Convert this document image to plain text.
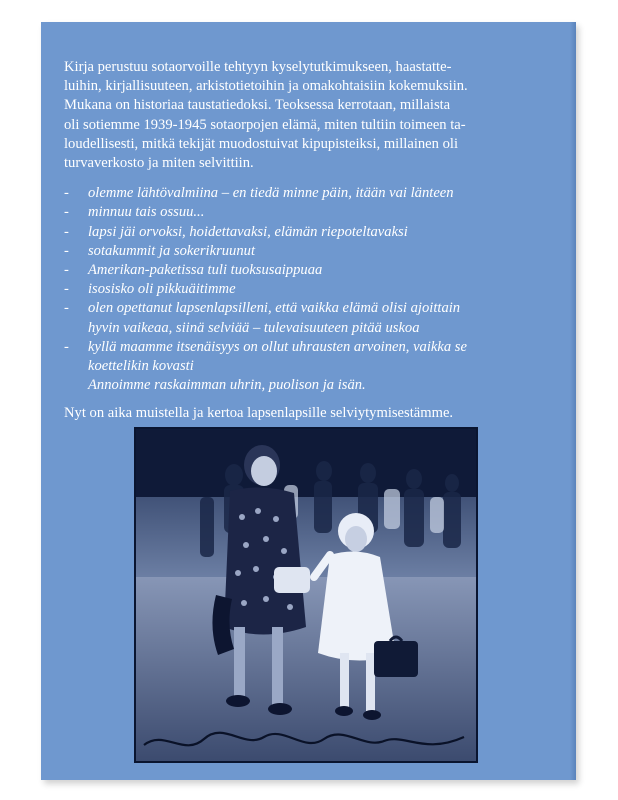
Kirja perustuu sotaorvoille tehtyyn kyselytutkimukseen, haastatte-
luihin, kirjallisuuteen, arkistotietoihin ja omakohtaisiin kokemuksiin.
Mukana on historiaa taustatiedoksi. Teoksessa kerrotaan, millaista
oli sotiemme 1939-1945 sotaorpojen elämä, miten tultiin toimeen ta-
loudellisesti, mitkä tekijät muodostuivat kipupisteiksi, millainen oli
turvaverkosto ja miten selvittiin.

- olemme lähtövalmiina – en tiedä minne päin, itään vai länteen
- minnuu tais ossuu...
- lapsi jäi orvoksi, hoidettavaksi, elämän riepoteltavaksi
- sotakummit ja sokerikruunut
- Amerikan-paketissa tuli tuoksusaippuaa
- isosisko oli pikkuäitimme
- olen opettanut lapsenlapsilleni, että vaikka elämä olisi ajoittain
hyvin vaikeaa, siinä selviää – tulevaisuuteen pitää uskoa
- kyllä maamme itsenäisyys on ollut uhrausten arvoinen, vaikka se
koettelikin kovasti
Annoimme raskaimman uhrin, puolison ja isän.

Nyt on aika muistella ja kertoa lapsenlapsille selviytymisestämme.
